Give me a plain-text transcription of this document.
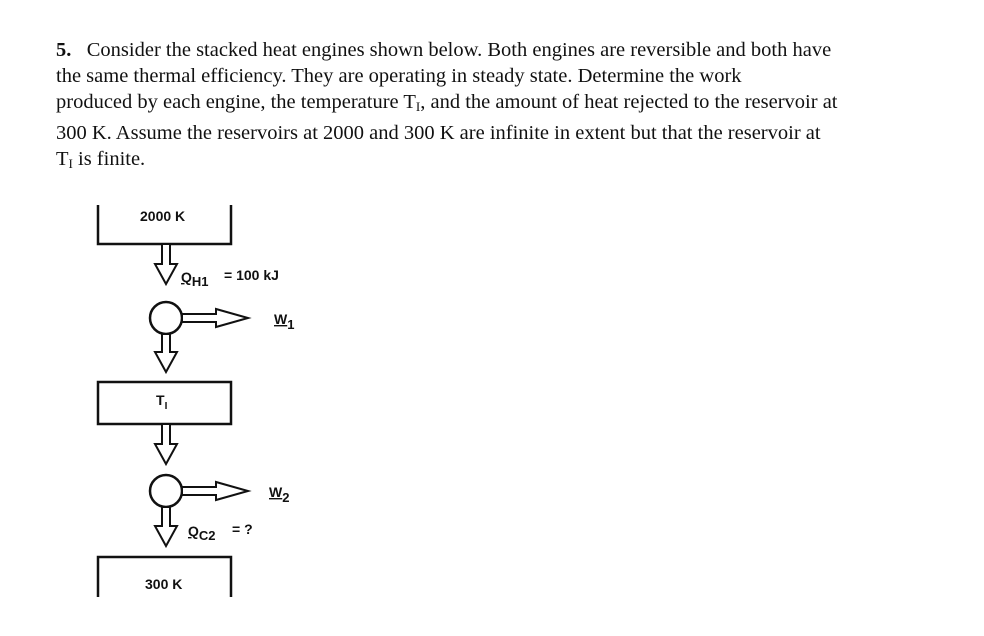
5. Consider the stacked heat engines shown below. Both engines are reversible and both have

the same thermal efficiency. They are operating in steady state. Determine the work

produced by each engine, the temperature $T_I$, and the amount of heat rejected to the reservoir at

300 K. Assume the reservoirs at 2000 and 300 K are infinite in extent but that the reservoir at

$T_I$ is finite.

2000 K
QH1 = 100 kJ
W1
$T_I$
W2
QC2 = ?
300 K
